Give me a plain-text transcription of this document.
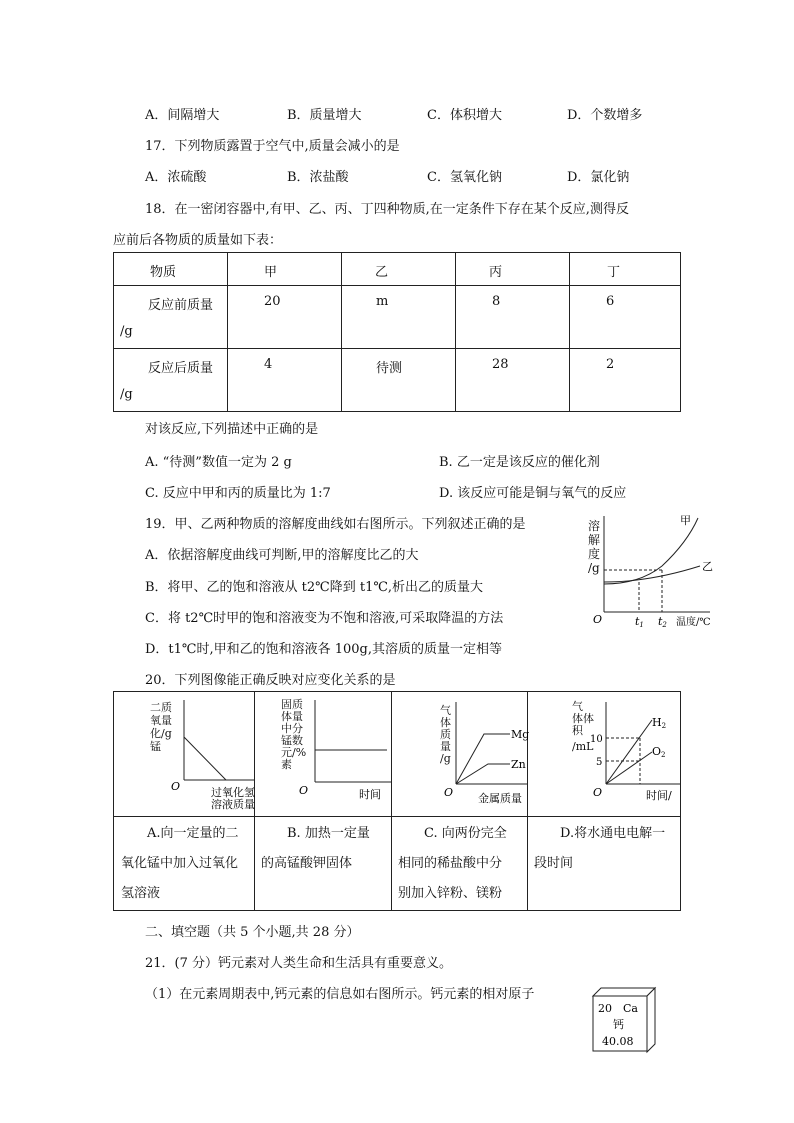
A．间隔增大	B．质量增大	C．体积增大	D．个数增多
17．下列物质露置于空气中,质量会减小的是
A．浓硫酸	B．浓盐酸	C．氢氧化钠	D．氯化钠
18．在一密闭容器中,有甲、乙、丙、丁四种物质,在一定条件下存在某个反应,测得反
应前后各物质的质量如下表：
物质	甲	乙	丙	丁

反应前质量
/g	20	m	8	6

反应后质量
/g	4	待测	28	2
对该反应,下列描述中正确的是
A. “待测”数值一定为 2 g	B. 乙一定是该反应的催化剂
C. 反应中甲和丙的质量比为 1:7	D. 该反应可能是铜与氧气的反应
19．甲、乙两种物质的溶解度曲线如右图所示。下列叙述正确的是
A．依据溶解度曲线可判断,甲的溶解度比乙的大
B．将甲、乙的饱和溶液从 t2℃降到 t1℃,析出乙的质量大
C．将 t2℃时甲的饱和溶液变为不饱和溶液,可采取降温的方法
D．t1℃时,甲和乙的饱和溶液各 100g,其溶质的质量一定相等
溶
解
度
/g
甲
乙
O	t1 t2 温度/℃
20．下列图像能正确反映对应变化关系的是
二质
氧量
化/g
锰
O	过氧化氢
溶液质量
固质
体量
中分
锰数
元/%
素
O	时间
气
体
质
量
/g
Mg
Zn
O 金属质量
气
体体
积
/mL
10
5
H2
O2
O	时间/
A.向一定量的二
氧化锰中加入过氧化
氢溶液
B. 加热一定量
的高锰酸钾固体
C. 向两份完全
相同的稀盐酸中分
别加入锌粉、镁粉
D.将水通电电解一
段时间
二、填空题（共 5 个小题,共 28 分）
21．(7 分）钙元素对人类生命和生活具有重要意义。
（1）在元素周期表中,钙元素的信息如右图所示。钙元素的相对原子
20 Ca
钙
40.08
